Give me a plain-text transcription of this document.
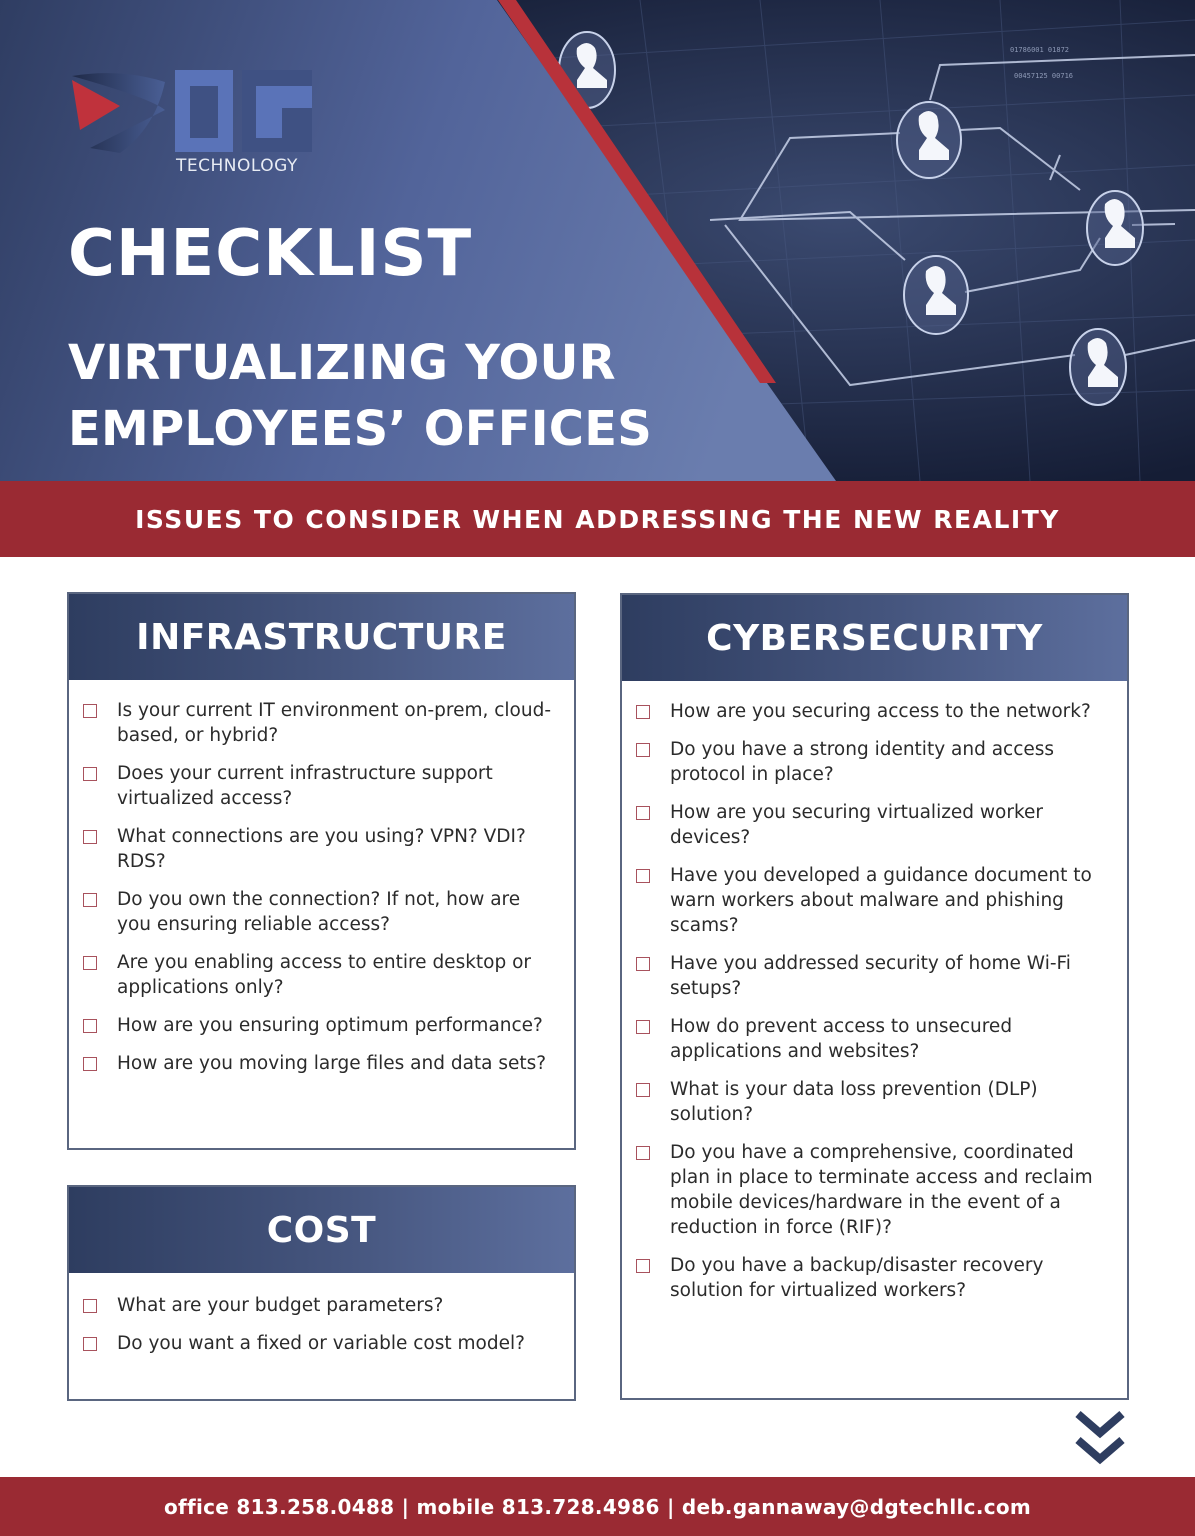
01786001 01872
00457125 00716
TECHNOLOGY
CHECKLIST
VIRTUALIZING YOUR
EMPLOYEES’ OFFICES
ISSUES TO CONSIDER WHEN ADDRESSING THE NEW REALITY
INFRASTRUCTURE
Is your current IT environment on-prem, cloud-based, or hybrid?
Does your current infrastructure support virtualized access?
What connections are you using? VPN? VDI? RDS?
Do you own the connection? If not, how are you ensuring reliable access?
Are you enabling access to entire desktop or applications only?
How are you ensuring optimum performance?
How are you moving large files and data sets?
COST
What are your budget parameters?
Do you want a fixed or variable cost model?
CYBERSECURITY
How are you securing access to the network?
Do you have a strong identity and access protocol in place?
How are you securing virtualized worker devices?
Have you developed a guidance document to warn workers about malware and phishing scams?
Have you addressed security of home Wi-Fi setups?
How do prevent access to unsecured applications and websites?
What is your data loss prevention (DLP) solution?
Do you have a comprehensive, coordinated plan in place to terminate access and reclaim mobile devices/hardware in the event of a reduction in force (RIF)?
Do you have a backup/disaster recovery solution for virtualized workers?
office 813.258.0488 | mobile 813.728.4986 | deb.gannaway@dgtechllc.com
